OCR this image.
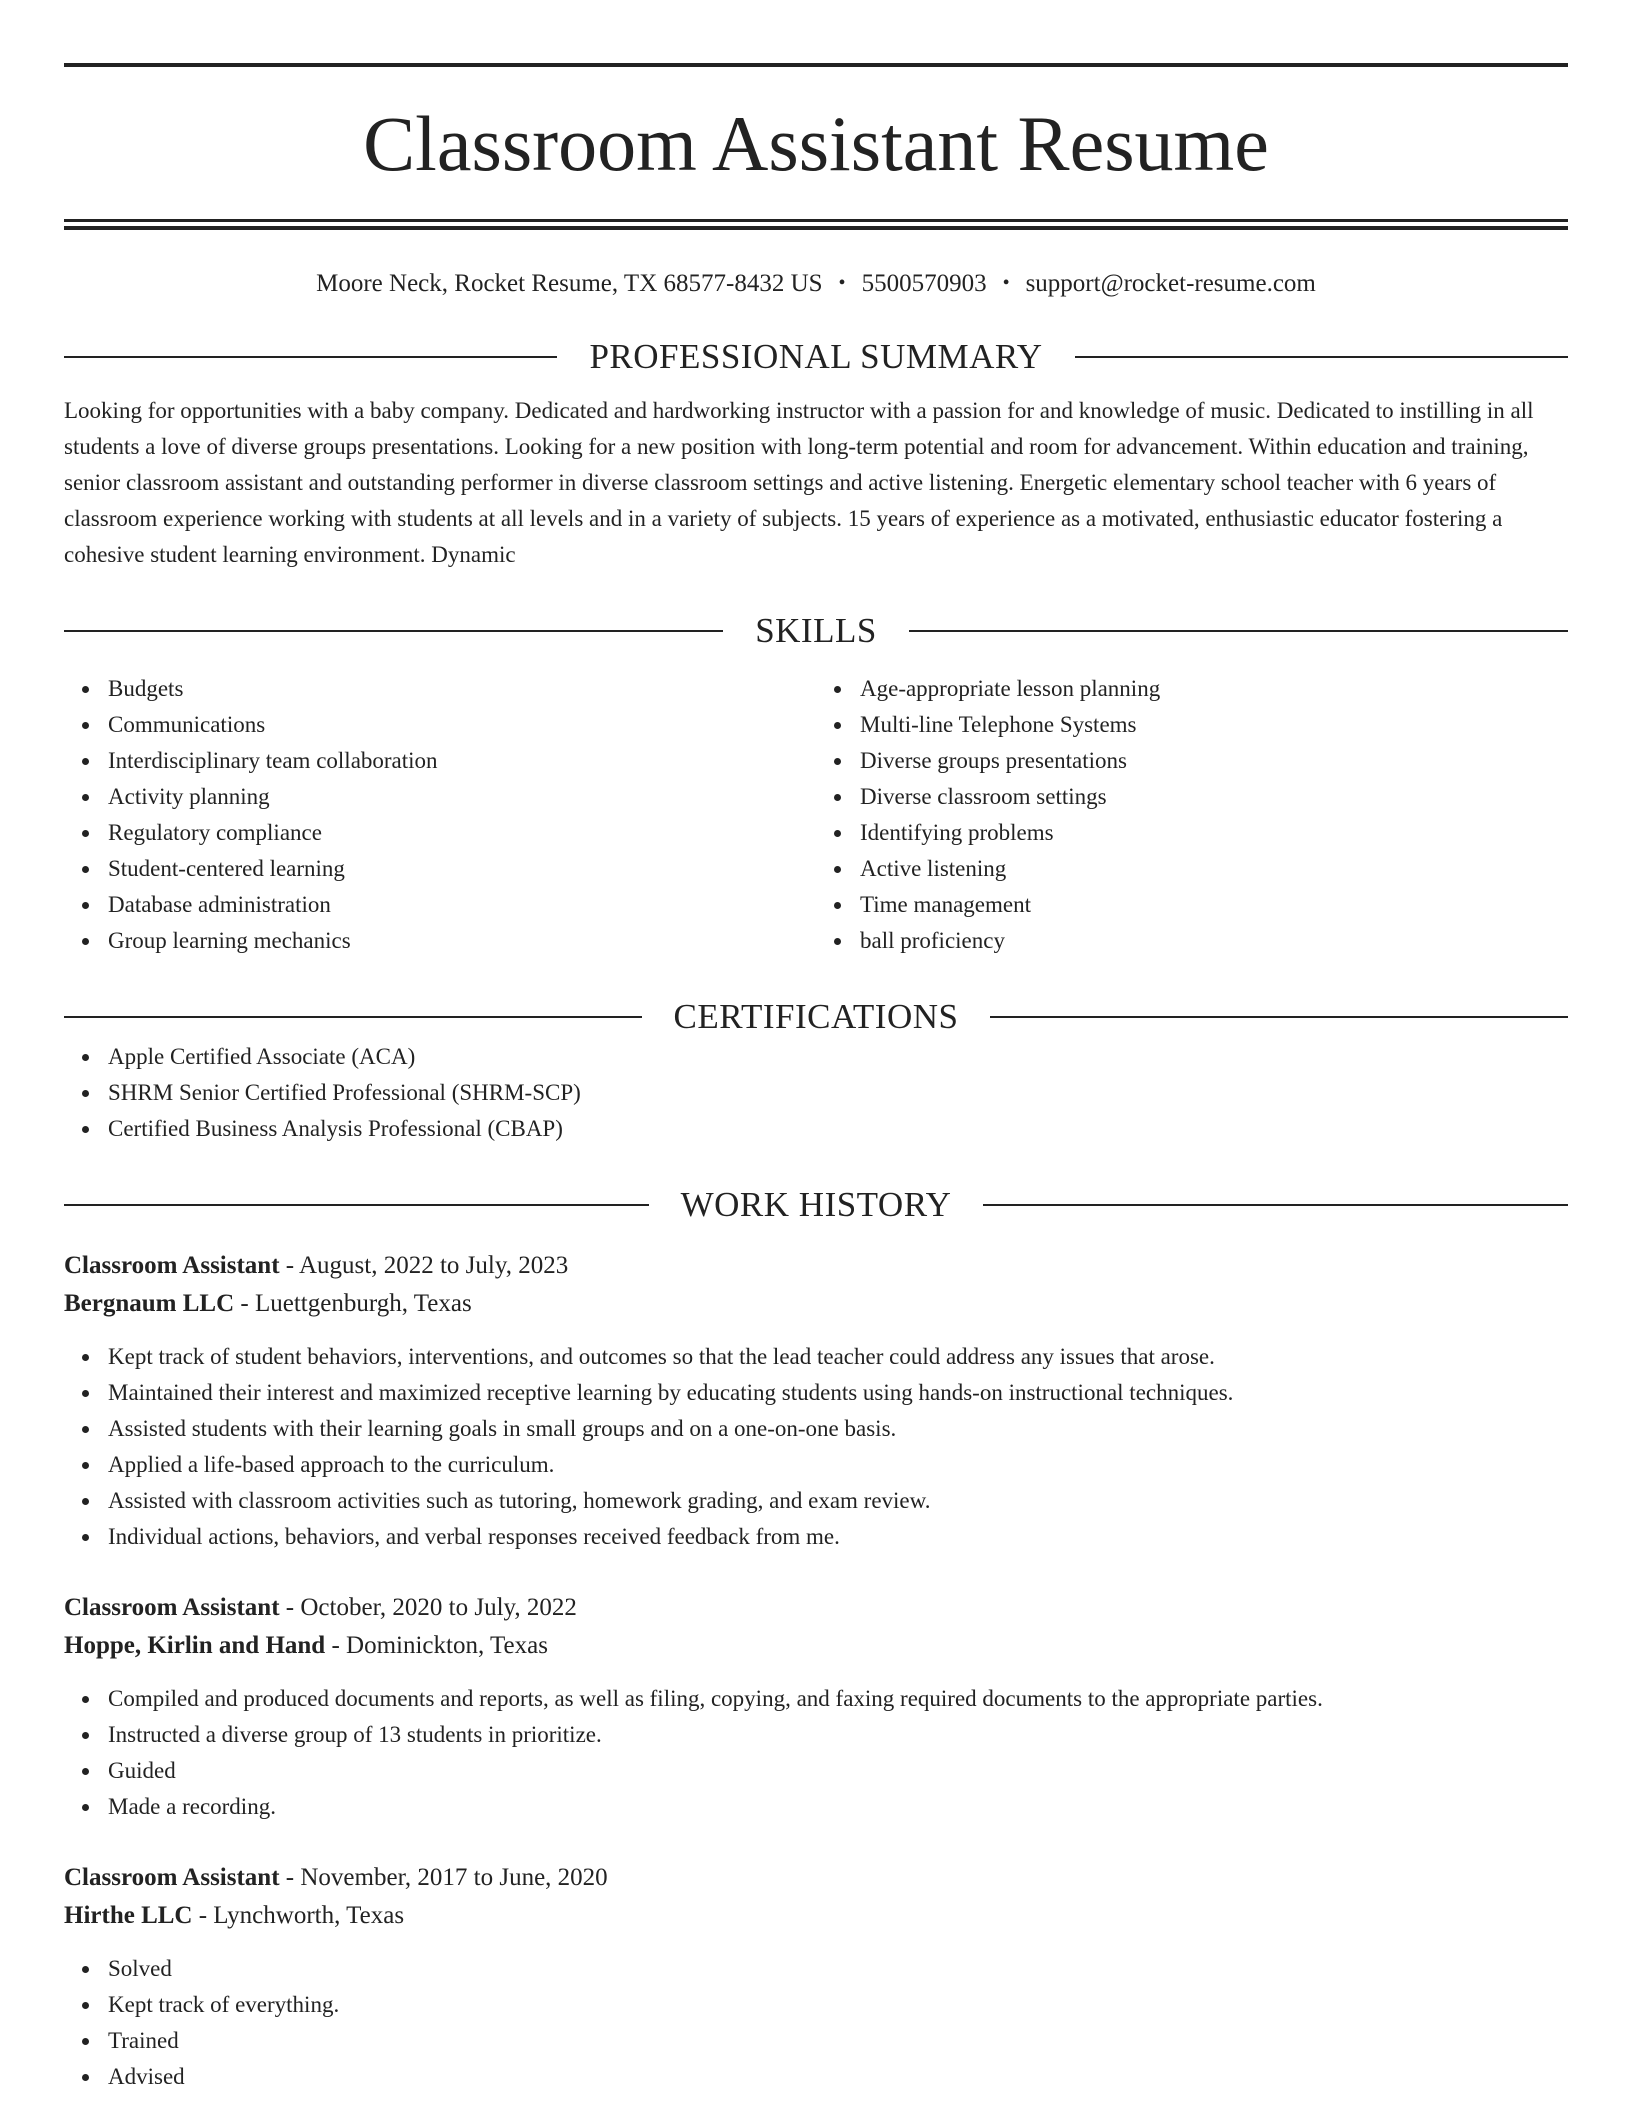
Classroom Assistant Resume
Moore Neck, Rocket Resume, TX 68577-8432 US • 5500570903 • support@rocket-resume.com
PROFESSIONAL SUMMARY
Looking for opportunities with a baby company. Dedicated and hardworking instructor with a passion for and knowledge of music. Dedicated to instilling in all students a love of diverse groups presentations. Looking for a new position with long-term potential and room for advancement. Within education and training, senior classroom assistant and outstanding performer in diverse classroom settings and active listening. Energetic elementary school teacher with 6 years of classroom experience working with students at all levels and in a variety of subjects. 15 years of experience as a motivated, enthusiastic educator fostering a cohesive student learning environment. Dynamic
SKILLS
Budgets
Communications
Interdisciplinary team collaboration
Activity planning
Regulatory compliance
Student-centered learning
Database administration
Group learning mechanics
Age-appropriate lesson planning
Multi-line Telephone Systems
Diverse groups presentations
Diverse classroom settings
Identifying problems
Active listening
Time management
ball proficiency
CERTIFICATIONS
Apple Certified Associate (ACA)
SHRM Senior Certified Professional (SHRM-SCP)
Certified Business Analysis Professional (CBAP)
WORK HISTORY
Classroom Assistant - August, 2022 to July, 2023
Bergnaum LLC - Luettgenburgh, Texas
Kept track of student behaviors, interventions, and outcomes so that the lead teacher could address any issues that arose.
Maintained their interest and maximized receptive learning by educating students using hands-on instructional techniques.
Assisted students with their learning goals in small groups and on a one-on-one basis.
Applied a life-based approach to the curriculum.
Assisted with classroom activities such as tutoring, homework grading, and exam review.
Individual actions, behaviors, and verbal responses received feedback from me.
Classroom Assistant - October, 2020 to July, 2022
Hoppe, Kirlin and Hand - Dominickton, Texas
Compiled and produced documents and reports, as well as filing, copying, and faxing required documents to the appropriate parties.
Instructed a diverse group of 13 students in prioritize.
Guided
Made a recording.
Classroom Assistant - November, 2017 to June, 2020
Hirthe LLC - Lynchworth, Texas
Solved
Kept track of everything.
Trained
Advised
